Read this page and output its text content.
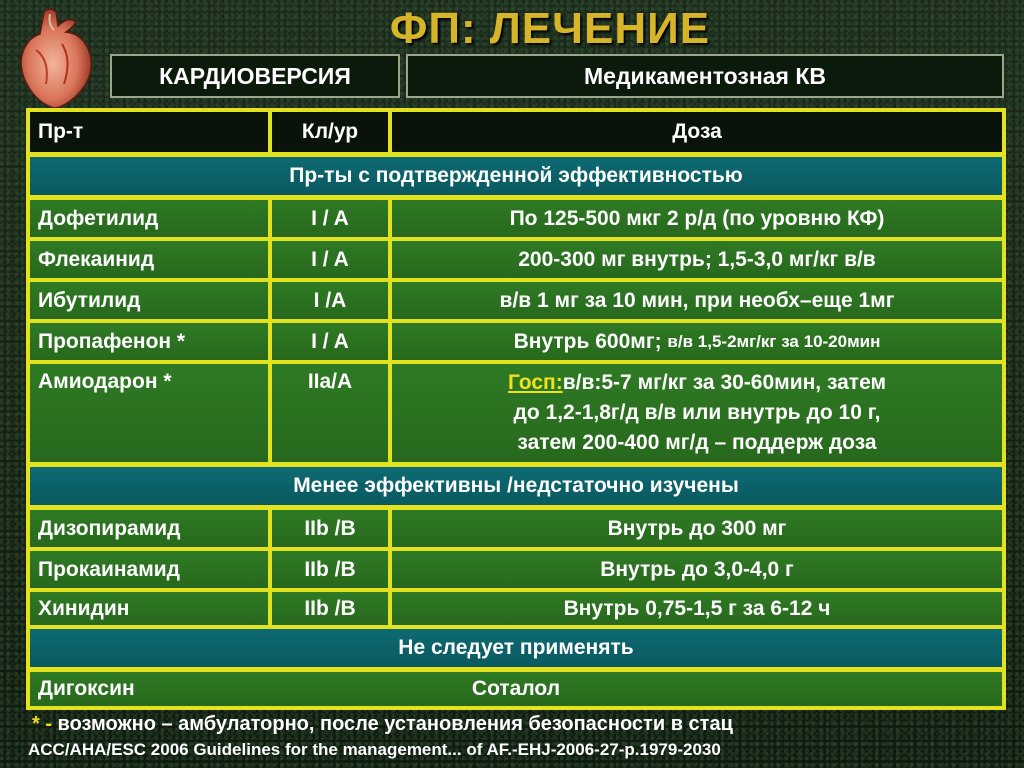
ФП: ЛЕЧЕНИЕ
КАРДИОВЕРСИЯ	Медикаментозная КВ
Пр-т	Кл/ур	Доза
Пр-ты с подтвержденной эффективностью
Дофетилид	I / A	По 125-500 мкг 2 р/д (по уровню КФ)
Флекаинид	I / A	200-300 мг внутрь; 1,5-3,0 мг/кг в/в
Ибутилид	I /A	в/в 1 мг за 10 мин, при необх–еще 1мг
Пропафенон *	I / A	Внутрь 600мг;
в/в 1,5-2мг/кг за 10-20мин
Амиодарон *	IIa/A	Госп:в/в:5-7 мг/кг за 30-60мин, затем
до 1,2-1,8г/д в/в или внутрь до 10 г,
затем 200-400 мг/д – поддерж доза
Менее эффективны /недстаточно изучены
Дизопирамид	IIb /B	Внутрь до 300 мг
Прокаинамид	IIb /B	Внутрь до 3,0-4,0 г
Хинидин	IIb /B	Внутрь 0,75-1,5 г за 6-12 ч
Не следует применять
Дигоксин	Соталол
* - возможно – амбулаторно, после установления безопасности в стац
ACC/AHA/ESC 2006 Guidelines for the management... of AF.-EHJ-2006-27-p.1979-2030
